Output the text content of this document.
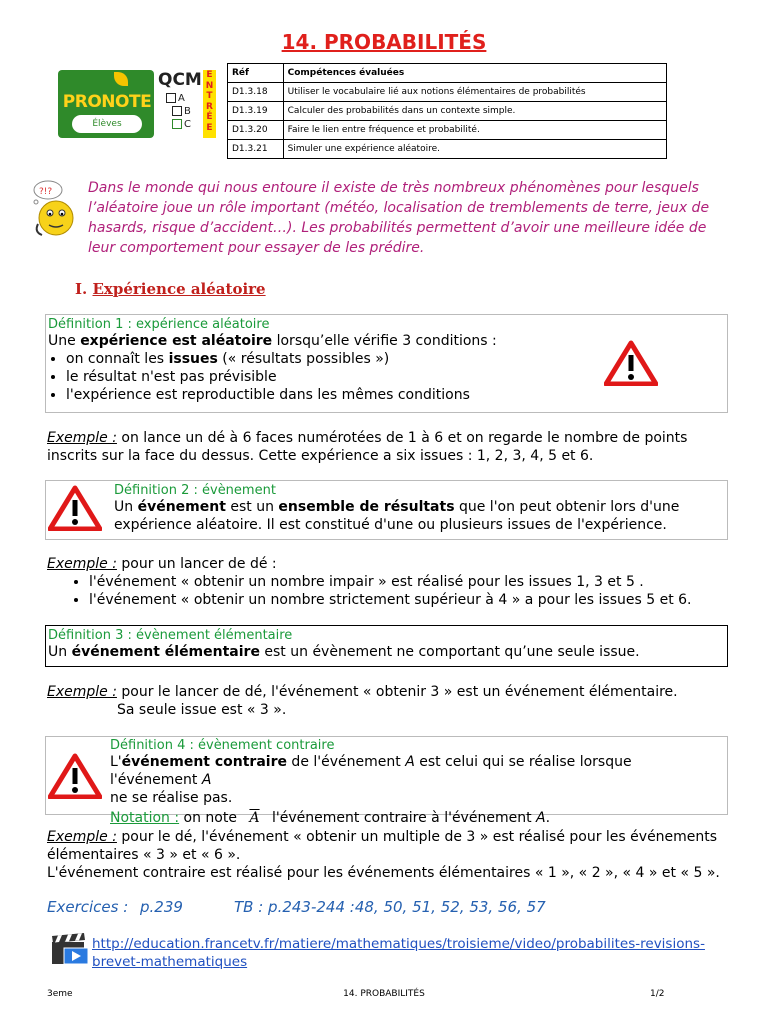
14. PROBABILITÉS
PRONOTE
Élèves
QCM
A
B
C
E
N
T
R
É
E
Réf	Compétences évaluées
D1.3.18	Utiliser le vocabulaire lié aux notions élémentaires de probabilités
D1.3.19	Calculer des probabilités dans un contexte simple.
D1.3.20	Faire le lien entre fréquence et probabilité.
D1.3.21	Simuler une expérience aléatoire.
?!?	Dans le monde qui nous entoure il existe de très nombreux phénomènes pour lesquels l’aléatoire joue un rôle important (météo, localisation de tremblements de terre, jeux de hasards, risque d’accident…). Les probabilités permettent d’avoir une meilleure idée de leur comportement pour essayer de les prédire.
I. Expérience aléatoire
Définition 1 : expérience aléatoire
Une expérience est aléatoire lorsqu’elle vérifie 3 conditions :
• on connaît les issues (« résultats possibles »)
• le résultat n'est pas prévisible
• l'expérience est reproductible dans les mêmes conditions
Exemple : on lance un dé à 6 faces numérotées de 1 à 6 et on regarde le nombre de points inscrits sur la face du dessus. Cette expérience a six issues : 1, 2, 3, 4, 5 et 6.
Définition 2 : évènement
Un événement est un ensemble de résultats que l'on peut obtenir lors d'une expérience aléatoire. Il est constitué d'une ou plusieurs issues de l'expérience.
Exemple : pour un lancer de dé :
• l'événement « obtenir un nombre impair » est réalisé pour les issues 1, 3 et 5 .
• l'événement « obtenir un nombre strictement supérieur à 4 » a pour les issues 5 et 6.
Définition 3 : évènement élémentaire
Un événement élémentaire est un évènement ne comportant qu’une seule issue.
Exemple : pour le lancer de dé, l'événement « obtenir 3 » est un événement élémentaire.
Sa seule issue est « 3 ».
Définition 4 : évènement contraire
L'événement contraire de l'événement A est celui qui se réalise lorsque l'événement A
ne se réalise pas.
Notation : on note $\overline{A}$ l'événement contraire à l'événement A.
Exemple : pour le dé, l'événement « obtenir un multiple de 3 » est réalisé pour les événements élémentaires « 3 » et « 6 ».
L'événement contraire est réalisé pour les événements élémentaires « 1 », « 2 », « 4 » et « 5 ».
Exercices : p.239	TB : p.243-244 :48, 50, 51, 52, 53, 56, 57
http://education.francetv.fr/matiere/mathematiques/troisieme/video/probabilites-revisions-brevet-mathematiques
3eme	14. PROBABILITÉS	1/2
